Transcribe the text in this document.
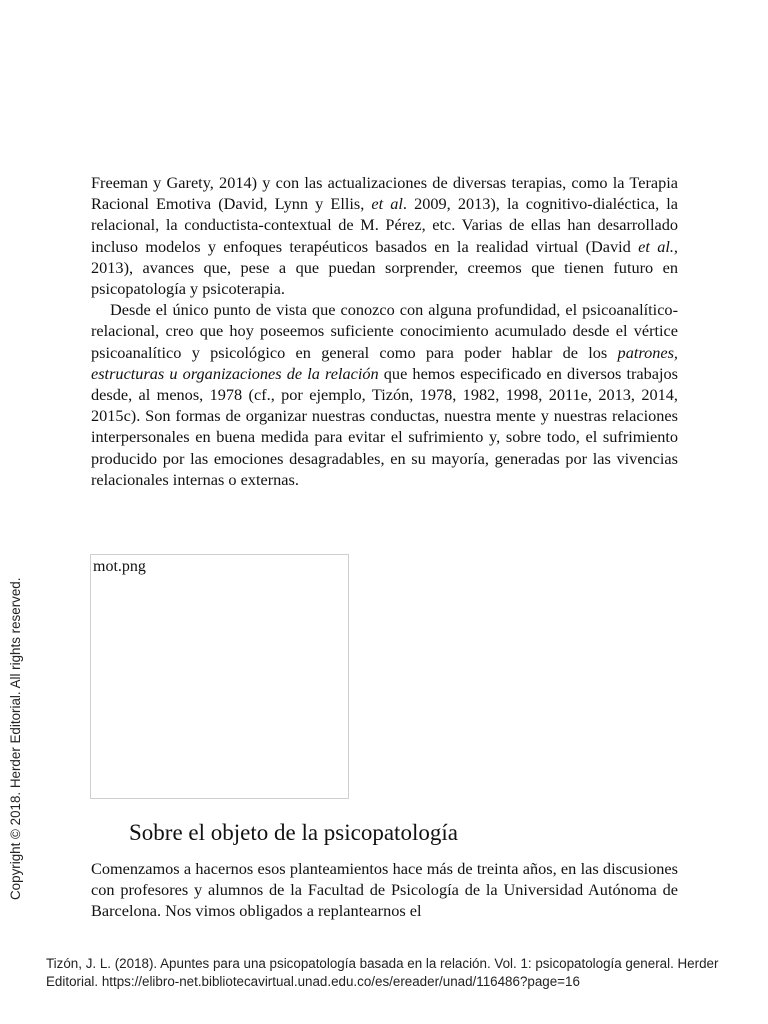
Freeman y Garety, 2014) y con las actualizaciones de diversas terapias, como la Terapia Racional Emotiva (David, Lynn y Ellis, et al. 2009, 2013), la cognitivo-dialéctica, la relacional, la conductista-contextual de M. Pérez, etc. Varias de ellas han desarrollado incluso modelos y enfoques terapéuticos basados en la realidad virtual (David et al., 2013), avances que, pese a que puedan sorprender, creemos que tienen futuro en psicopatología y psicoterapia.

Desde el único punto de vista que conozco con alguna profundidad, el psicoanalítico-relacional, creo que hoy poseemos suficiente conocimiento acumulado desde el vértice psicoanalítico y psicológico en general como para poder hablar de los patrones, estructuras u organizaciones de la relación que hemos especificado en diversos trabajos desde, al menos, 1978 (cf., por ejemplo, Tizón, 1978, 1982, 1998, 2011e, 2013, 2014, 2015c). Son formas de organizar nuestras conductas, nuestra mente y nuestras relaciones interpersonales en buena medida para evitar el sufrimiento y, sobre todo, el sufrimiento producido por las emociones desagradables, en su mayoría, generadas por las vivencias relacionales internas o externas.

mot.png
Sobre el objeto de la psicopatología

Comenzamos a hacernos esos planteamientos hace más de treinta años, en las discusiones con profesores y alumnos de la Facultad de Psicología de la Universidad Autónoma de Barcelona. Nos vimos obligados a replantearnos el

Copyright © 2018. Herder Editorial. All rights reserved.
Tizón, J. L. (2018). Apuntes para una psicopatología basada en la relación. Vol. 1: psicopatología general. Herder Editorial. https://elibro-net.bibliotecavirtual.unad.edu.co/es/ereader/unad/116486?page=16
